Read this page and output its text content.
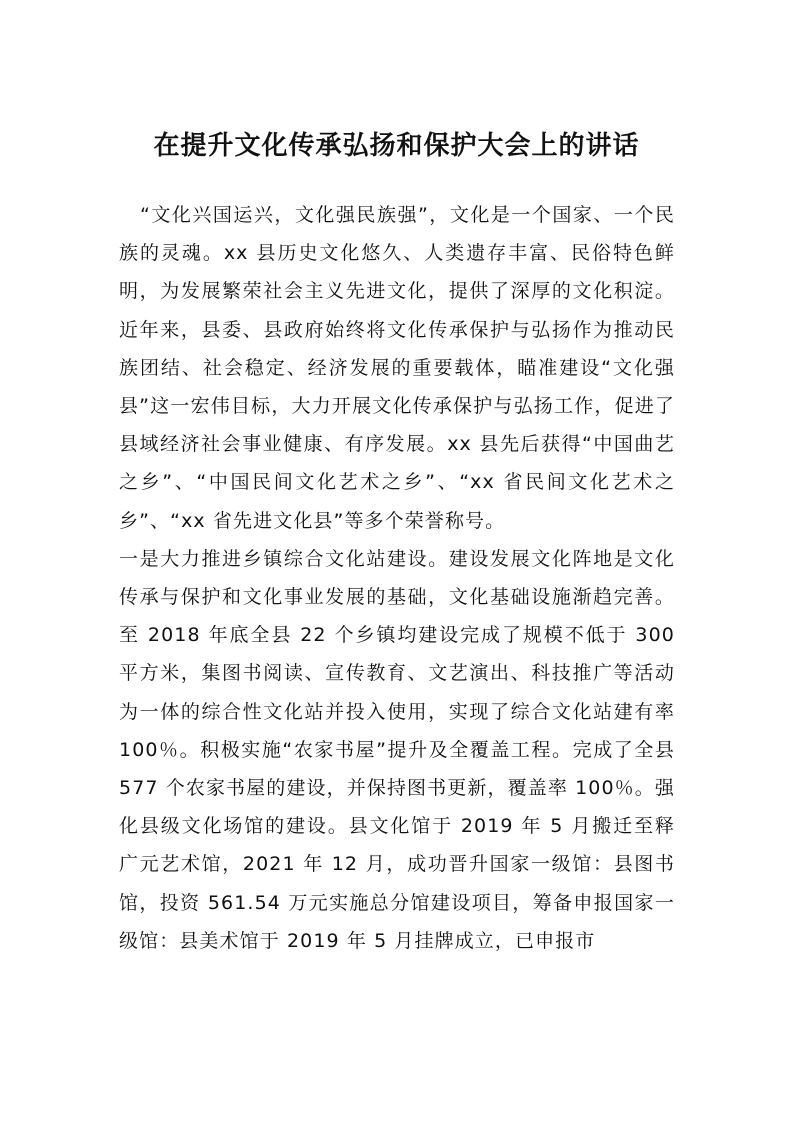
在提升文化传承弘扬和保护大会上的讲话

“文化兴国运兴，文化强民族强”，文化是一个国家、一个民族的灵魂。xx 县历史文化悠久、人类遗存丰富、民俗特色鲜明，为发展繁荣社会主义先进文化，提供了深厚的文化积淀。近年来，县委、县政府始终将文化传承保护与弘扬作为推动民族团结、社会稳定、经济发展的重要载体，瞄准建设“文化强县”这一宏伟目标，大力开展文化传承保护与弘扬工作，促进了县域经济社会事业健康、有序发展。xx 县先后获得“中国曲艺之乡”、“中国民间文化艺术之乡”、“xx 省民间文化艺术之乡”、“xx 省先进文化县”等多个荣誉称号。

一是大力推进乡镇综合文化站建设。建设发展文化阵地是文化传承与保护和文化事业发展的基础，文化基础设施渐趋完善。至 2018 年底全县 22 个乡镇均建设完成了规模不低于 300 平方米，集图书阅读、宣传教育、文艺演出、科技推广等活动为一体的综合性文化站并投入使用，实现了综合文化站建有率 100％。积极实施“农家书屋”提升及全覆盖工程。完成了全县 577 个农家书屋的建设，并保持图书更新，覆盖率 100％。强化县级文化场馆的建设。县文化馆于 2019 年 5 月搬迁至释广元艺术馆，2021 年 12 月，成功晋升国家一级馆：县图书馆，投资 561.54 万元实施总分馆建设项目，筹备申报国家一级馆：县美术馆于 2019 年 5 月挂牌成立，已申报市
